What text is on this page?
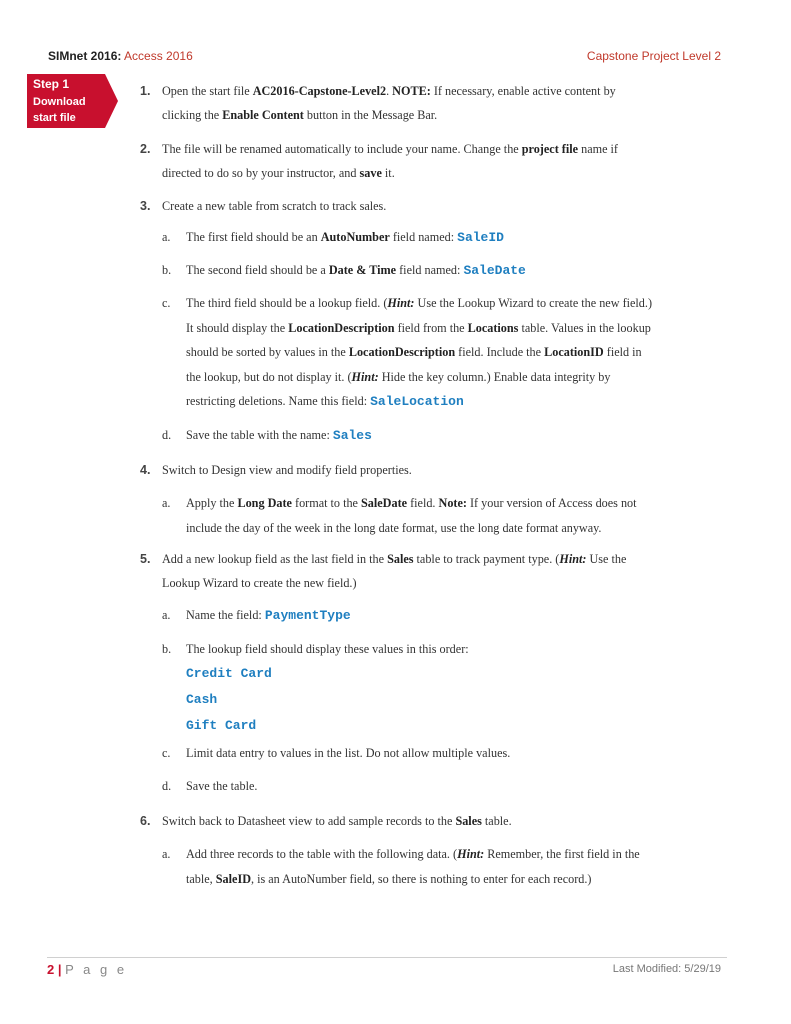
SIMnet 2016: Access 2016	Capstone Project Level 2
Step 1
Download
start file
1. Open the start file AC2016-Capstone-Level2. NOTE: If necessary, enable active content by
clicking the Enable Content button in the Message Bar.
2. The file will be renamed automatically to include your name. Change the project file name if
directed to do so by your instructor, and save it.
3. Create a new table from scratch to track sales.
a. The first field should be an AutoNumber field named: SaleID
b. The second field should be a Date & Time field named: SaleDate
c. The third field should be a lookup field. (Hint: Use the Lookup Wizard to create the new field.)
It should display the LocationDescription field from the Locations table. Values in the lookup
should be sorted by values in the LocationDescription field. Include the LocationID field in
the lookup, but do not display it. (Hint: Hide the key column.) Enable data integrity by
restricting deletions. Name this field: SaleLocation
d. Save the table with the name: Sales
4. Switch to Design view and modify field properties.
a. Apply the Long Date format to the SaleDate field. Note: If your version of Access does not
include the day of the week in the long date format, use the long date format anyway.
5. Add a new lookup field as the last field in the Sales table to track payment type. (Hint: Use the
Lookup Wizard to create the new field.)
a. Name the field: PaymentType
b. The lookup field should display these values in this order:
Credit Card
Cash
Gift Card
c. Limit data entry to values in the list. Do not allow multiple values.
d. Save the table.
6. Switch back to Datasheet view to add sample records to the Sales table.
a. Add three records to the table with the following data. (Hint: Remember, the first field in the
table, SaleID, is an AutoNumber field, so there is nothing to enter for each record.)
2 | P a g e	Last Modified: 5/29/19
